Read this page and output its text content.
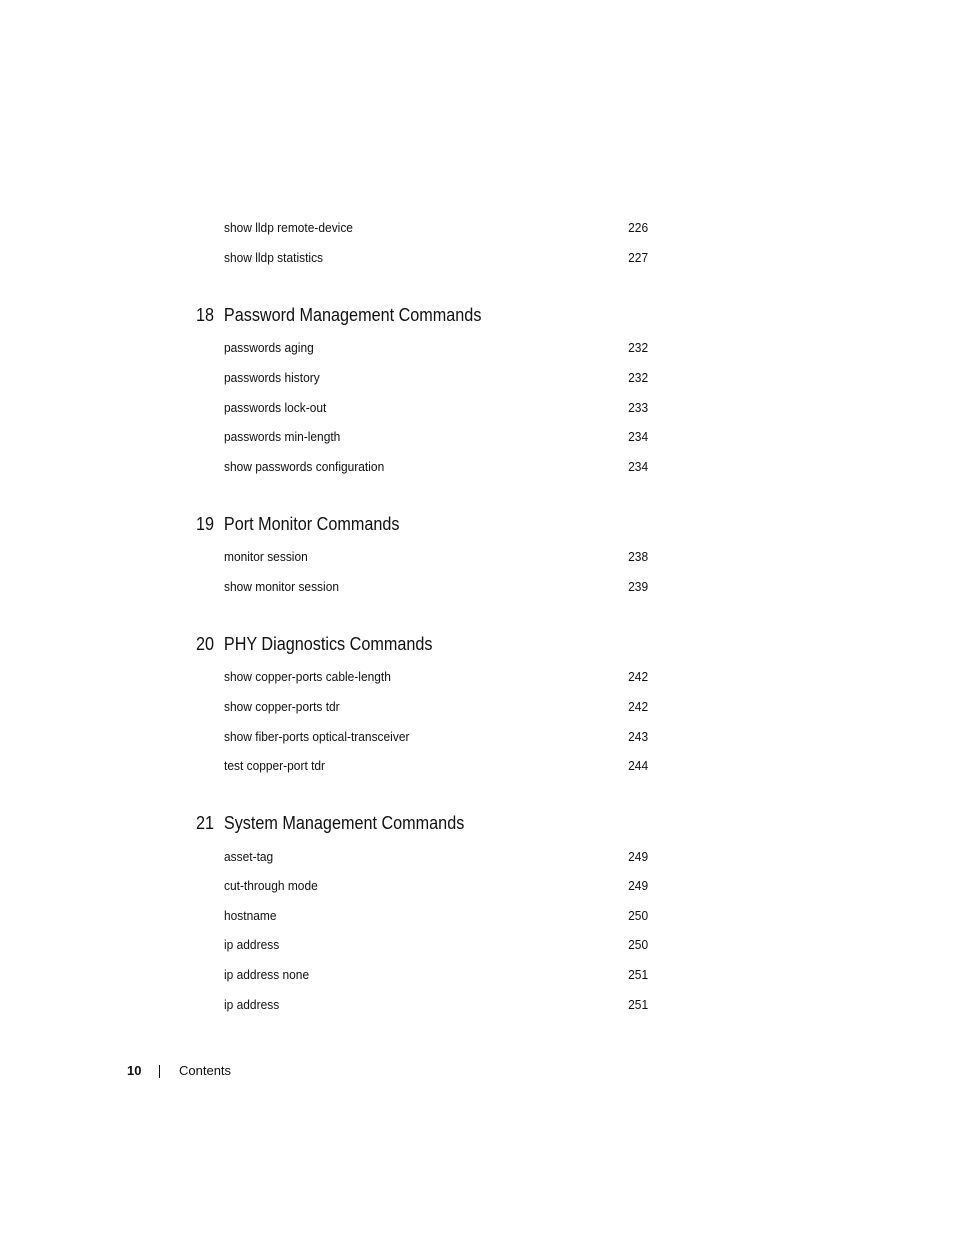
show lldp remote-device	226
show lldp statistics	227
18 Password Management Commands
passwords aging	232
passwords history	232
passwords lock-out	233
passwords min-length	234
show passwords configuration	234
19 Port Monitor Commands
monitor session	238
show monitor session	239
20 PHY Diagnostics Commands
show copper-ports cable-length	242
show copper-ports tdr	242
show fiber-ports optical-transceiver	243
test copper-port tdr	244
21 System Management Commands
asset-tag	249
cut-through mode	249
hostname	250
ip address	250
ip address none	251
ip address	251
10	Contents
